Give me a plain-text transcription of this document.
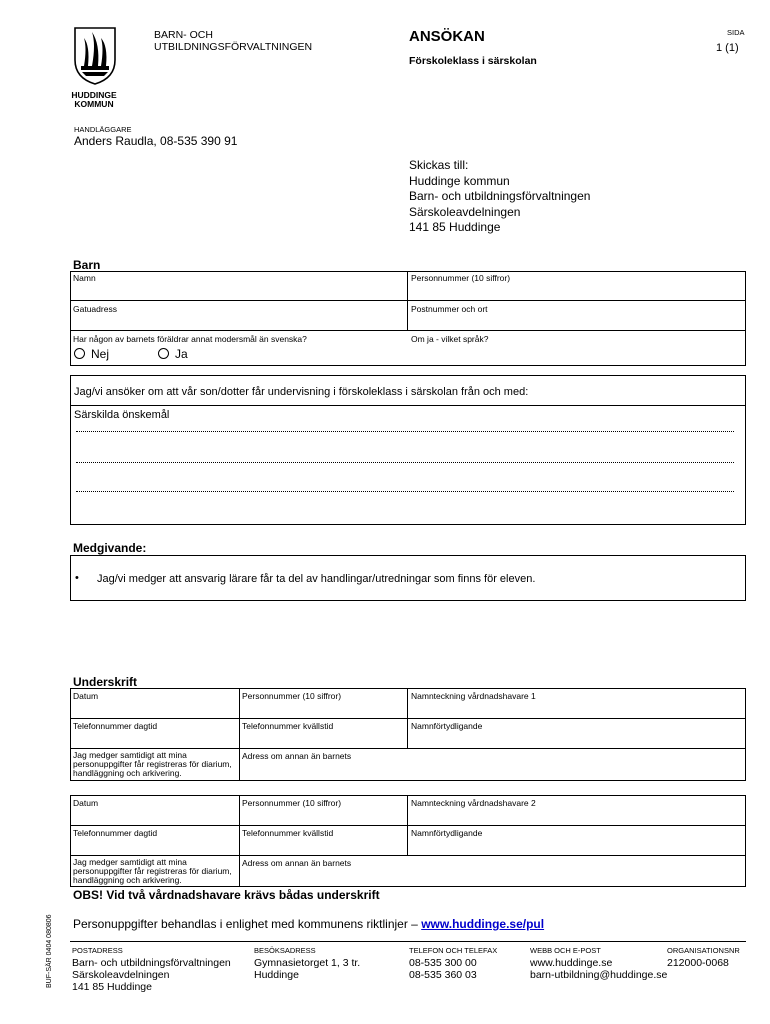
HUDDINGE
KOMMUN
BARN- OCH
UTBILDNINGSFÖRVALTNINGEN
ANSÖKAN
Förskoleklass i särskolan
SIDA
1 (1)
HANDLÄGGARE
Anders Raudla, 08-535 390 91
Skickas till:
Huddinge kommun
Barn- och utbildningsförvaltningen
Särskoleavdelningen
141 85 Huddinge
Barn
Namn	Personnummer (10 siffror)
Gatuadress	Postnummer och ort
Har någon av barnets föräldrar annat modersmål än svenska?	Om ja - vilket språk?
Nej	Ja
Jag/vi ansöker om att vår son/dotter får undervisning i förskoleklass i särskolan från och med:
Särskilda önskemål
Medgivande:
• Jag/vi medger att ansvarig lärare får ta del av handlingar/utredningar som finns för eleven.
Underskrift
Datum	Personnummer (10 siffror)	Namnteckning vårdnadshavare 1
Telefonnummer dagtid	Telefonnummer kvällstid	Namnförtydligande
Jag medger samtidigt att mina personuppgifter får registreras för diarium, handläggning och arkivering.
Adress om annan än barnets
Datum	Personnummer (10 siffror)	Namnteckning vårdnadshavare 2
Telefonnummer dagtid	Telefonnummer kvällstid	Namnförtydligande
Jag medger samtidigt att mina personuppgifter får registreras för diarium, handläggning och arkivering.
Adress om annan än barnets
OBS! Vid två vårdnadshavare krävs bådas underskrift
Personuppgifter behandlas i enlighet med kommunens riktlinjer – www.huddinge.se/pul
BUF-SÄR 0404 080806	POSTADRESS
Barn- och utbildningsförvaltningen
Särskoleavdelningen
141 85 Huddinge
BESÖKSADRESS
Gymnasietorget 1, 3 tr.
Huddinge
TELEFON OCH TELEFAX
08-535 300 00
08-535 360 03
WEBB OCH E-POST
www.huddinge.se
barn-utbildning@huddinge.se
ORGANISATIONSNR
212000-0068
